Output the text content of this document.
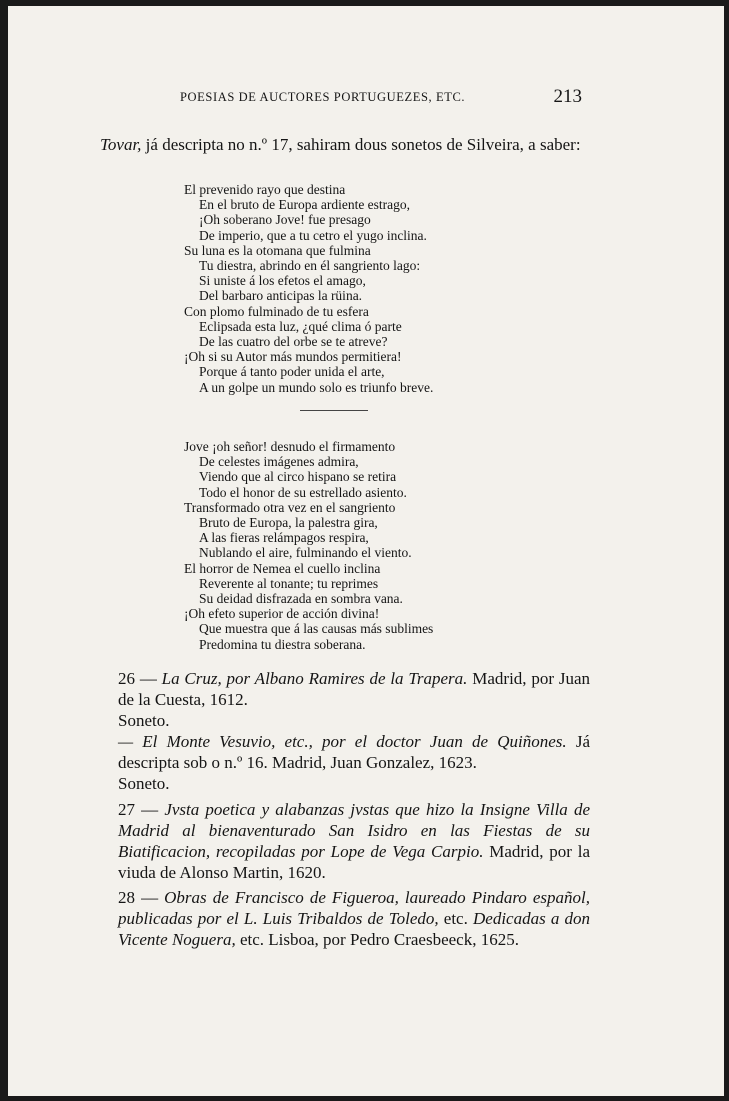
POESIAS DE AUCTORES PORTUGUEZES, ETC.	213

Tovar, já descripta no n.º 17, sahiram dous sonetos de Silveira, a saber:

El prevenido rayo que destina
En el bruto de Europa ardiente estrago,
¡Oh soberano Jove! fue presago
De imperio, que a tu cetro el yugo inclina.
Su luna es la otomana que fulmina
Tu diestra, abrindo en él sangriento lago:
Si uniste á los efetos el amago,
Del barbaro anticipas la rüina.
Con plomo fulminado de tu esfera
Eclipsada esta luz, ¿qué clima ó parte
De las cuatro del orbe se te atreve?
¡Oh si su Autor más mundos permitiera!
Porque á tanto poder unida el arte,
A un golpe un mundo solo es triunfo breve.
Jove ¡oh señor! desnudo el firmamento
De celestes imágenes admira,
Viendo que al circo hispano se retira
Todo el honor de su estrellado asiento.
Transformado otra vez en el sangriento
Bruto de Europa, la palestra gira,
A las fieras relámpagos respira,
Nublando el aire, fulminando el viento.
El horror de Nemea el cuello inclina
Reverente al tonante; tu reprimes
Su deidad disfrazada en sombra vana.
¡Oh efeto superior de acción divina!
Que muestra que á las causas más sublimes
Predomina tu diestra soberana.

26 — La Cruz, por Albano Ramires de la Trapera. Madrid, por Juan de la Cuesta, 1612.

Soneto.

— El Monte Vesuvio, etc., por el doctor Juan de Quiñones. Já descripta sob o n.º 16. Madrid, Juan Gonzalez, 1623.

Soneto.

27 — Jvsta poetica y alabanzas jvstas que hizo la Insigne Villa de Madrid al bienaventurado San Isidro en las Fiestas de su Biatificacion, recopiladas por Lope de Vega Carpio. Madrid, por la viuda de Alonso Martin, 1620.

28 — Obras de Francisco de Figueroa, laureado Pindaro español, publicadas por el L. Luis Tribaldos de Toledo, etc. Dedicadas a don Vicente Noguera, etc. Lisboa, por Pedro Craesbeeck, 1625.
